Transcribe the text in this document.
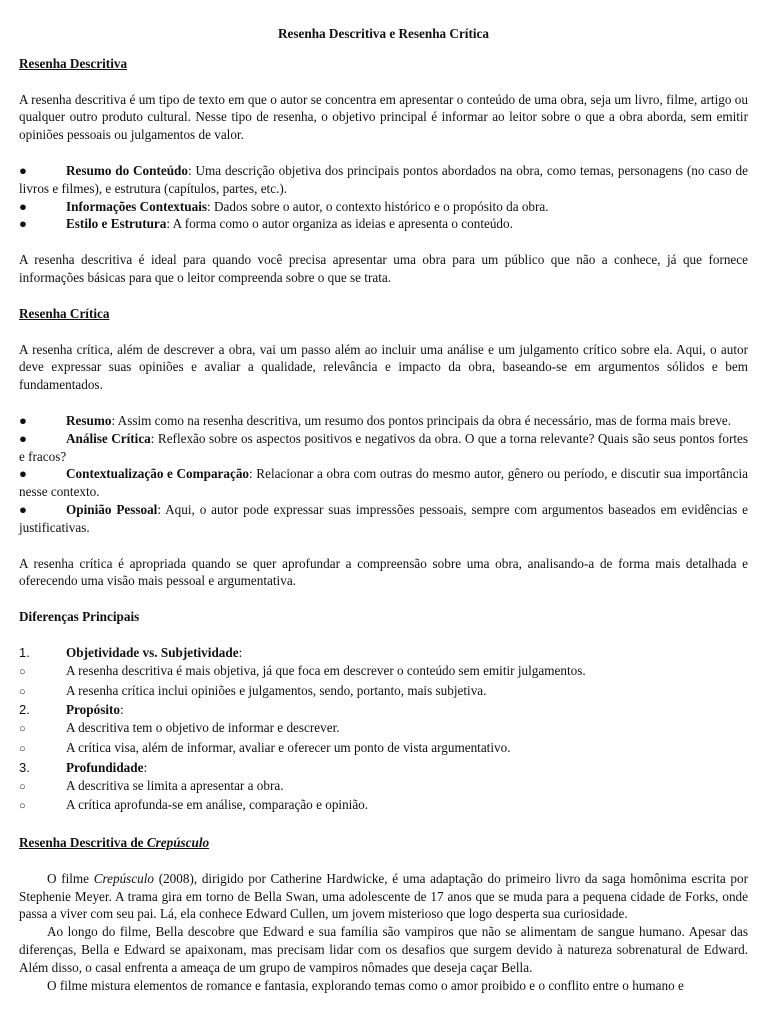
Resenha Descritiva e Resenha Crítica

Resenha Descritiva

A resenha descritiva é um tipo de texto em que o autor se concentra em apresentar o conteúdo de uma obra, seja um livro, filme, artigo ou qualquer outro produto cultural. Nesse tipo de resenha, o objetivo principal é informar ao leitor sobre o que a obra aborda, sem emitir opiniões pessoais ou julgamentos de valor.

●	Resumo do Conteúdo: Uma descrição objetiva dos principais pontos abordados na obra, como temas, personagens (no caso de livros e filmes), e estrutura (capítulos, partes, etc.).
●	Informações Contextuais: Dados sobre o autor, o contexto histórico e o propósito da obra.
●	Estilo e Estrutura: A forma como o autor organiza as ideias e apresenta o conteúdo.

A resenha descritiva é ideal para quando você precisa apresentar uma obra para um público que não a conhece, já que fornece informações básicas para que o leitor compreenda sobre o que se trata.

Resenha Crítica

A resenha crítica, além de descrever a obra, vai um passo além ao incluir uma análise e um julgamento crítico sobre ela. Aqui, o autor deve expressar suas opiniões e avaliar a qualidade, relevância e impacto da obra, baseando-se em argumentos sólidos e bem fundamentados.

●	Resumo: Assim como na resenha descritiva, um resumo dos pontos principais da obra é necessário, mas de forma mais breve.
●	Análise Crítica: Reflexão sobre os aspectos positivos e negativos da obra. O que a torna relevante? Quais são seus pontos fortes e fracos?
●	Contextualização e Comparação: Relacionar a obra com outras do mesmo autor, gênero ou período, e discutir sua importância nesse contexto.
●	Opinião Pessoal: Aqui, o autor pode expressar suas impressões pessoais, sempre com argumentos baseados em evidências e justificativas.

A resenha crítica é apropriada quando se quer aprofundar a compreensão sobre uma obra, analisando-a de forma mais detalhada e oferecendo uma visão mais pessoal e argumentativa.

Diferenças Principais

1.	Objetividade vs. Subjetividade:
○	A resenha descritiva é mais objetiva, já que foca em descrever o conteúdo sem emitir julgamentos.
○	A resenha crítica inclui opiniões e julgamentos, sendo, portanto, mais subjetiva.
2.	Propósito:
○	A descritiva tem o objetivo de informar e descrever.
○	A crítica visa, além de informar, avaliar e oferecer um ponto de vista argumentativo.
3.	Profundidade:
○	A descritiva se limita a apresentar a obra.
○	A crítica aprofunda-se em análise, comparação e opinião.

Resenha Descritiva de Crepúsculo

O filme Crepúsculo (2008), dirigido por Catherine Hardwicke, é uma adaptação do primeiro livro da saga homônima escrita por Stephenie Meyer. A trama gira em torno de Bella Swan, uma adolescente de 17 anos que se muda para a pequena cidade de Forks, onde passa a viver com seu pai. Lá, ela conhece Edward Cullen, um jovem misterioso que logo desperta sua curiosidade.

Ao longo do filme, Bella descobre que Edward e sua família são vampiros que não se alimentam de sangue humano. Apesar das diferenças, Bella e Edward se apaixonam, mas precisam lidar com os desafios que surgem devido à natureza sobrenatural de Edward. Além disso, o casal enfrenta a ameaça de um grupo de vampiros nômades que deseja caçar Bella.

O filme mistura elementos de romance e fantasia, explorando temas como o amor proibido e o conflito entre o humano e
